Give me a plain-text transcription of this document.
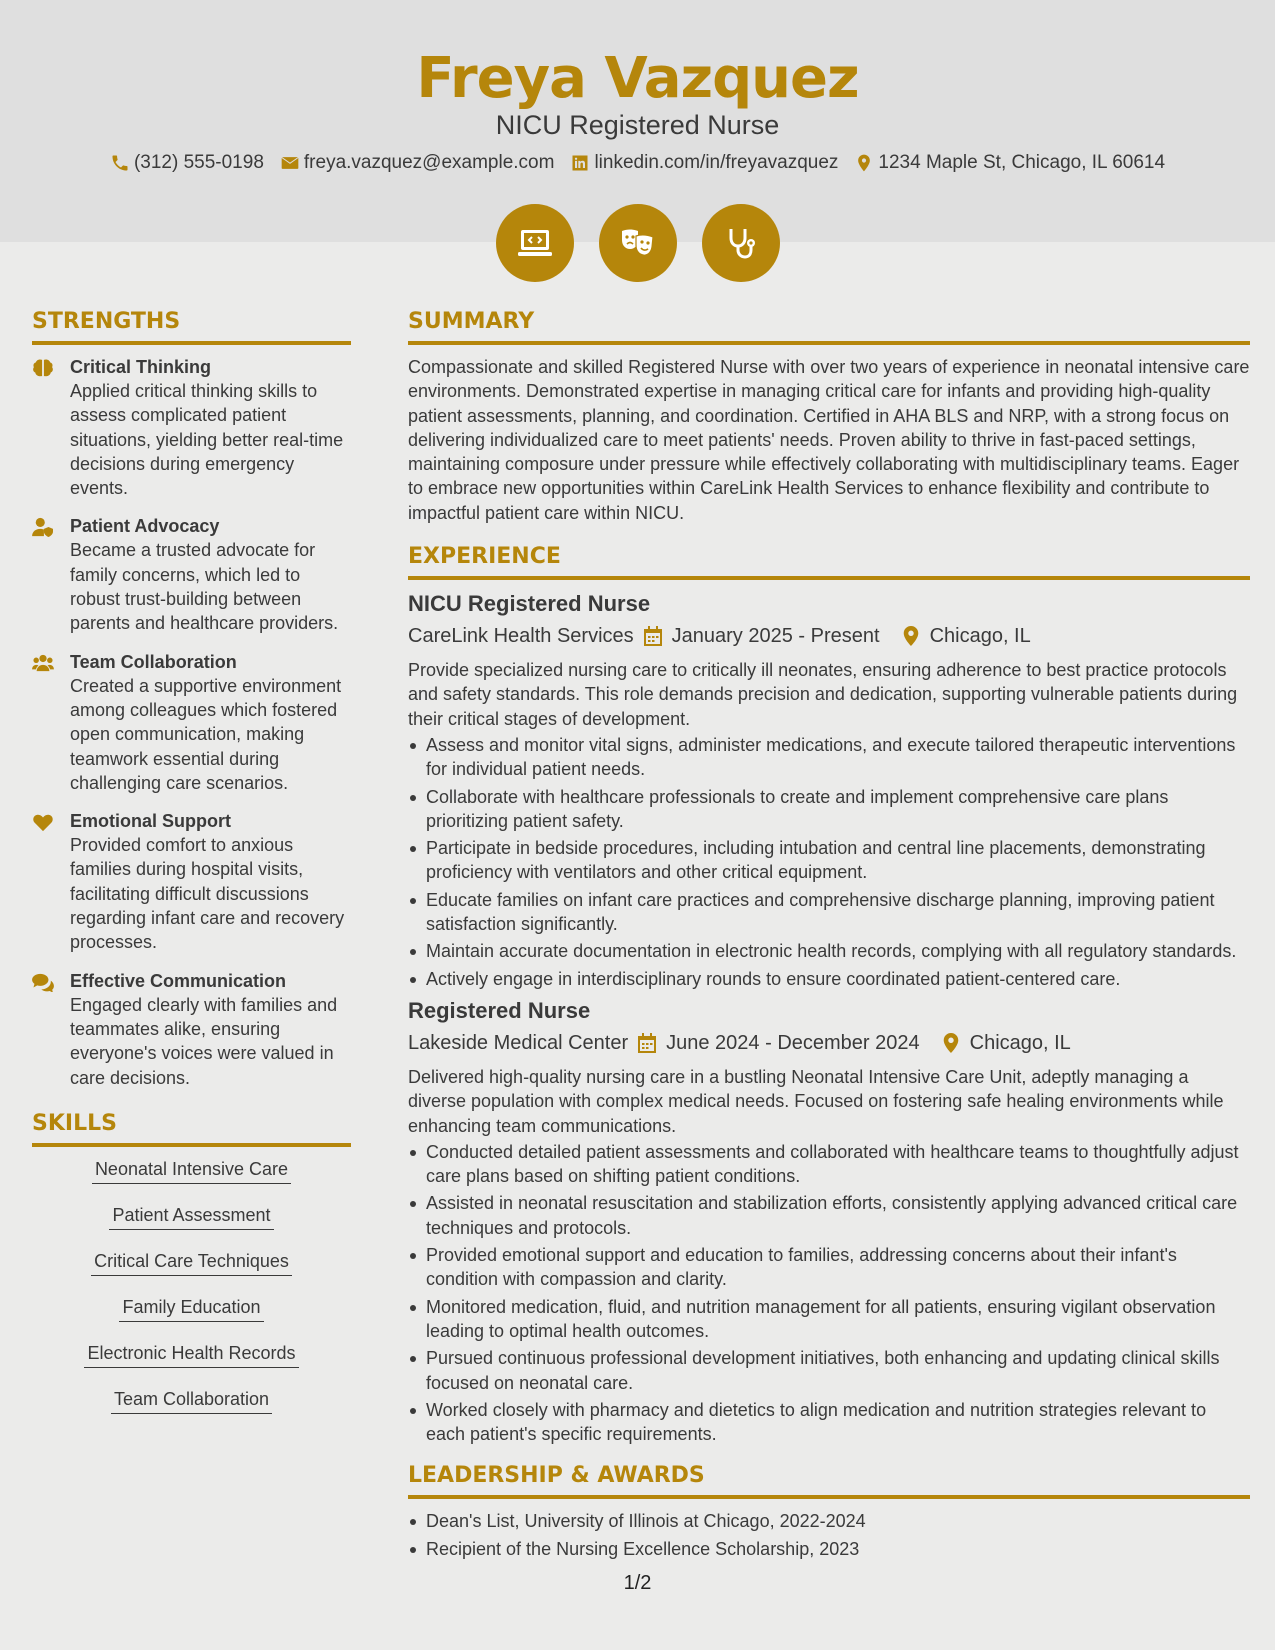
Freya Vazquez
NICU Registered Nurse
(312) 555-0198 freya.vazquez@example.com linkedin.com/in/freyavazquez 1234 Maple St, Chicago, IL 60614
STRENGTHS
Critical Thinking
Applied critical thinking skills to assess complicated patient situations, yielding better real-time decisions during emergency events.
Patient Advocacy
Became a trusted advocate for family concerns, which led to robust trust-building between parents and healthcare providers.
Team Collaboration
Created a supportive environment among colleagues which fostered open communication, making teamwork essential during challenging care scenarios.
Emotional Support
Provided comfort to anxious families during hospital visits, facilitating difficult discussions regarding infant care and recovery processes.
Effective Communication
Engaged clearly with families and teammates alike, ensuring everyone's voices were valued in care decisions.
SKILLS
Neonatal Intensive Care
Patient Assessment
Critical Care Techniques
Family Education
Electronic Health Records
Team Collaboration
SUMMARY
Compassionate and skilled Registered Nurse with over two years of experience in neonatal intensive care environments. Demonstrated expertise in managing critical care for infants and providing high-quality patient assessments, planning, and coordination. Certified in AHA BLS and NRP, with a strong focus on delivering individualized care to meet patients' needs. Proven ability to thrive in fast-paced settings, maintaining composure under pressure while effectively collaborating with multidisciplinary teams. Eager to embrace new opportunities within CareLink Health Services to enhance flexibility and contribute to impactful patient care within NICU.
EXPERIENCE
NICU Registered Nurse
CareLink Health Services January 2025 - Present	Chicago, IL
Provide specialized nursing care to critically ill neonates, ensuring adherence to best practice protocols and safety standards. This role demands precision and dedication, supporting vulnerable patients during their critical stages of development.
Assess and monitor vital signs, administer medications, and execute tailored therapeutic interventions for individual patient needs.
Collaborate with healthcare professionals to create and implement comprehensive care plans prioritizing patient safety.
Participate in bedside procedures, including intubation and central line placements, demonstrating proficiency with ventilators and other critical equipment.
Educate families on infant care practices and comprehensive discharge planning, improving patient satisfaction significantly.
Maintain accurate documentation in electronic health records, complying with all regulatory standards.
Actively engage in interdisciplinary rounds to ensure coordinated patient-centered care.
Registered Nurse
Lakeside Medical Center June 2024 - December 2024	Chicago, IL
Delivered high-quality nursing care in a bustling Neonatal Intensive Care Unit, adeptly managing a diverse population with complex medical needs. Focused on fostering safe healing environments while enhancing team communications.
Conducted detailed patient assessments and collaborated with healthcare teams to thoughtfully adjust care plans based on shifting patient conditions.
Assisted in neonatal resuscitation and stabilization efforts, consistently applying advanced critical care techniques and protocols.
Provided emotional support and education to families, addressing concerns about their infant's condition with compassion and clarity.
Monitored medication, fluid, and nutrition management for all patients, ensuring vigilant observation leading to optimal health outcomes.
Pursued continuous professional development initiatives, both enhancing and updating clinical skills focused on neonatal care.
Worked closely with pharmacy and dietetics to align medication and nutrition strategies relevant to each patient's specific requirements.
LEADERSHIP & AWARDS
Dean's List, University of Illinois at Chicago, 2022-2024
Recipient of the Nursing Excellence Scholarship, 2023
1/2
